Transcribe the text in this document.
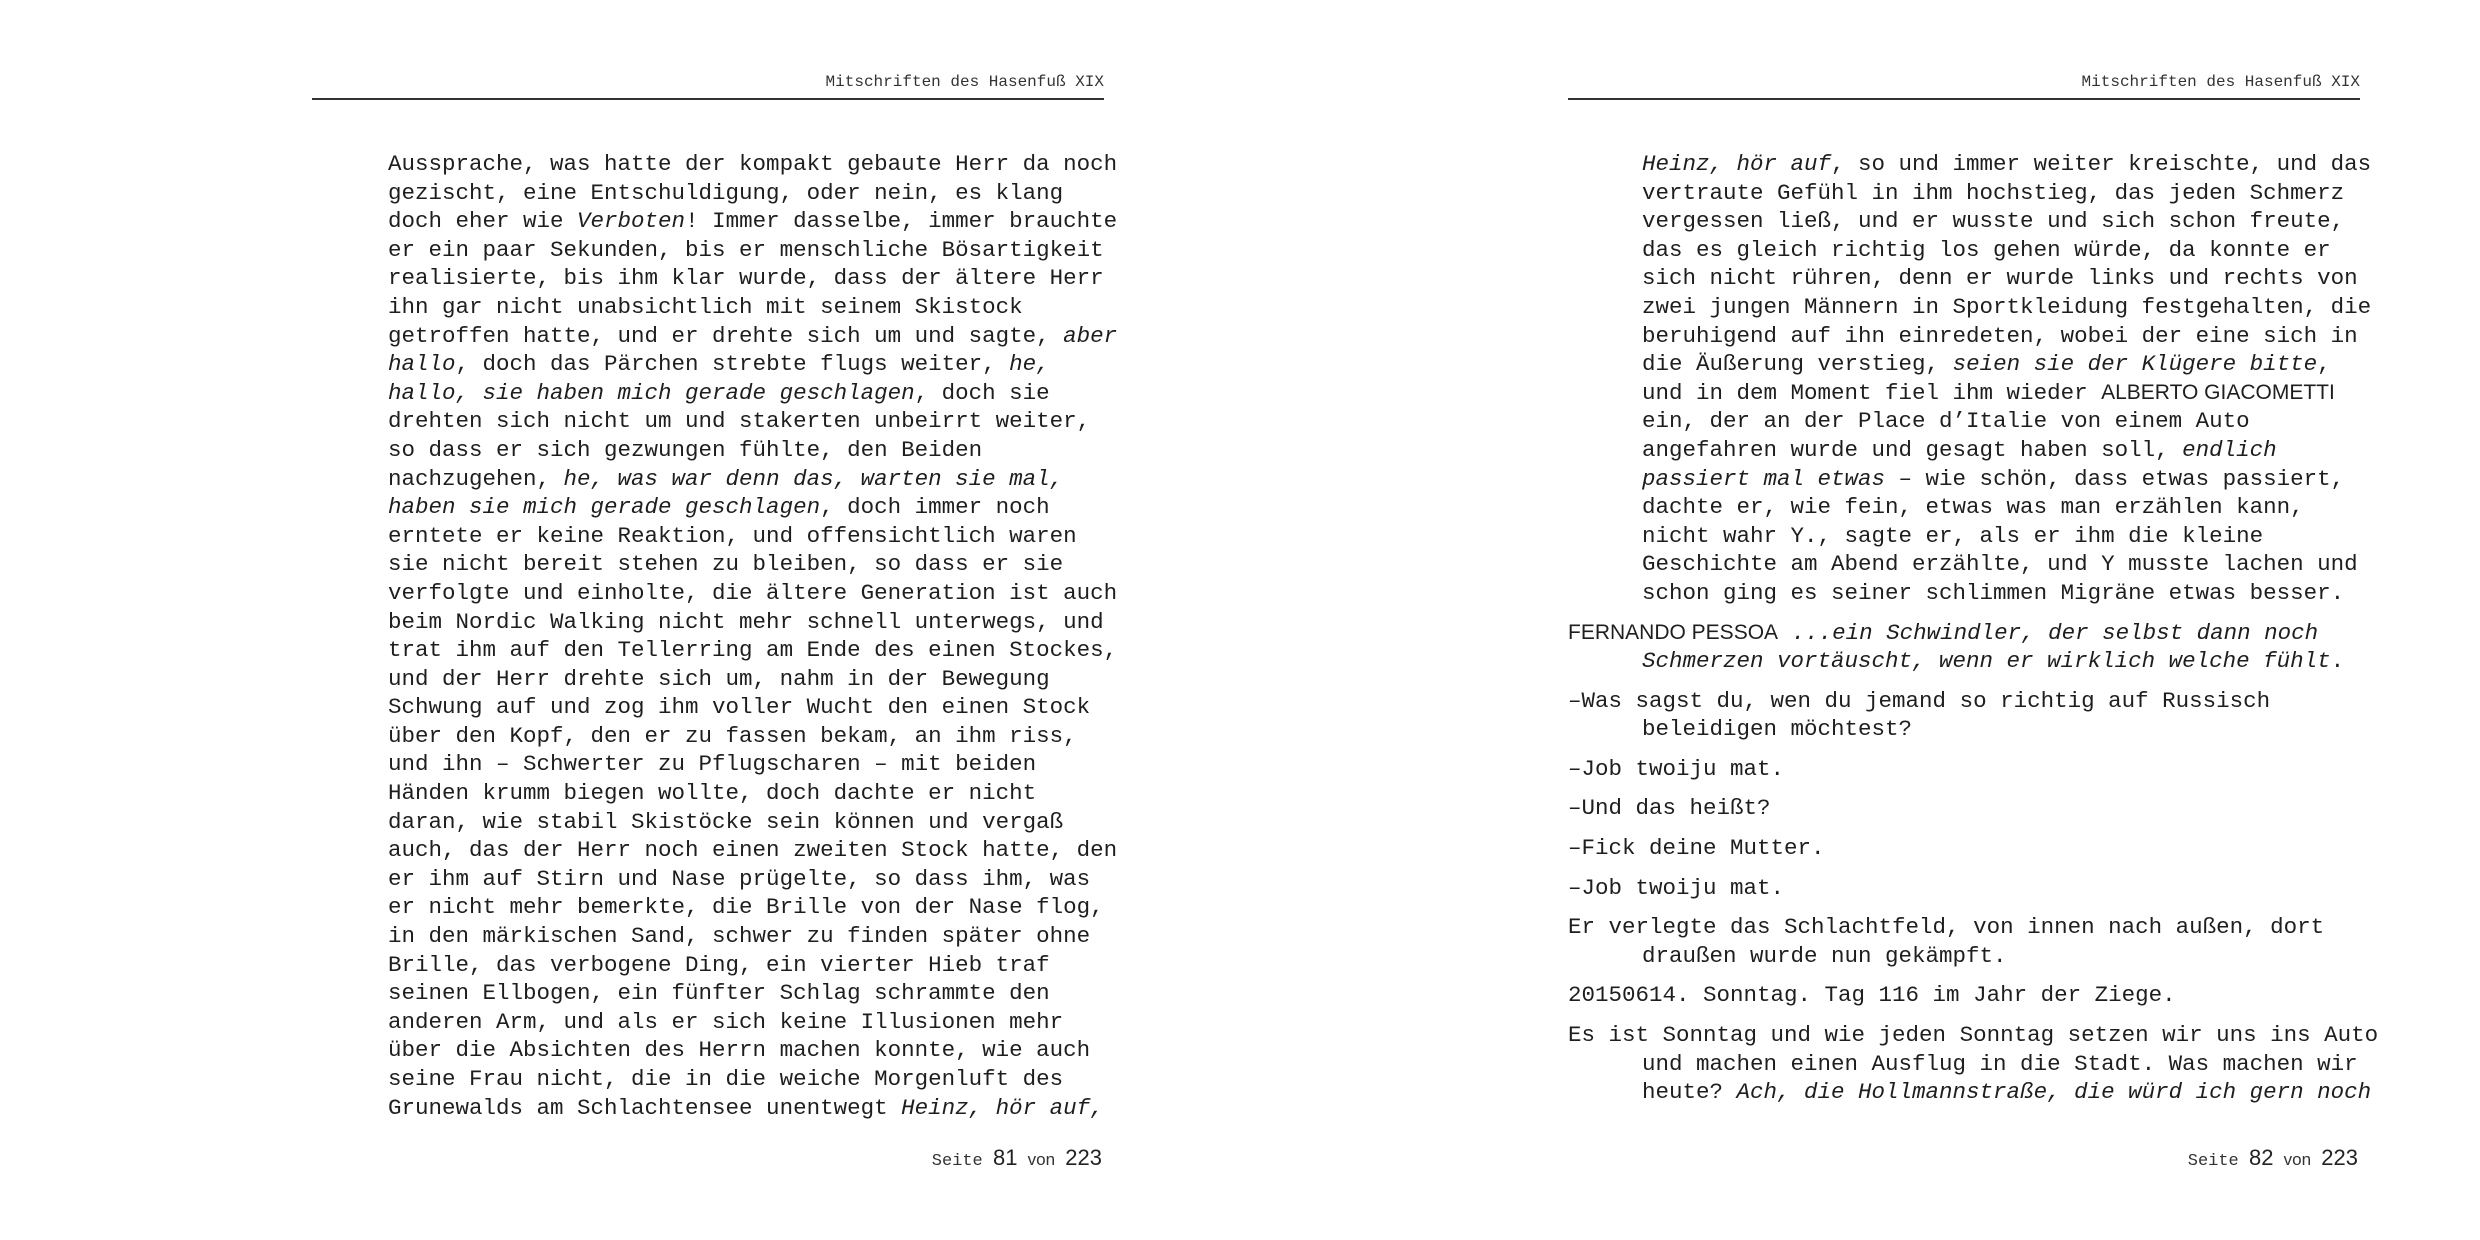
Mitschriften des Hasenfuß XIX
Aussprache, was hatte der kompakt gebaute Herr da noch
gezischt, eine Entschuldigung, oder nein, es klang
doch eher wie Verboten! Immer dasselbe, immer brauchte
er ein paar Sekunden, bis er menschliche Bösartigkeit
realisierte, bis ihm klar wurde, dass der ältere Herr
ihn gar nicht unabsichtlich mit seinem Skistock
getroffen hatte, und er drehte sich um und sagte, aber
hallo, doch das Pärchen strebte flugs weiter, he,
hallo, sie haben mich gerade geschlagen, doch sie
drehten sich nicht um und stakerten unbeirrt weiter,
so dass er sich gezwungen fühlte, den Beiden
nachzugehen, he, was war denn das, warten sie mal,
haben sie mich gerade geschlagen, doch immer noch
erntete er keine Reaktion, und offensichtlich waren
sie nicht bereit stehen zu bleiben, so dass er sie
verfolgte und einholte, die ältere Generation ist auch
beim Nordic Walking nicht mehr schnell unterwegs, und
trat ihm auf den Tellerring am Ende des einen Stockes,
und der Herr drehte sich um, nahm in der Bewegung
Schwung auf und zog ihm voller Wucht den einen Stock
über den Kopf, den er zu fassen bekam, an ihm riss,
und ihn – Schwerter zu Pflugscharen – mit beiden
Händen krumm biegen wollte, doch dachte er nicht
daran, wie stabil Skistöcke sein können und vergaß
auch, das der Herr noch einen zweiten Stock hatte, den
er ihm auf Stirn und Nase prügelte, so dass ihm, was
er nicht mehr bemerkte, die Brille von der Nase flog,
in den märkischen Sand, schwer zu finden später ohne
Brille, das verbogene Ding, ein vierter Hieb traf
seinen Ellbogen, ein fünfter Schlag schrammte den
anderen Arm, und als er sich keine Illusionen mehr
über die Absichten des Herrn machen konnte, wie auch
seine Frau nicht, die in die weiche Morgenluft des
Grunewalds am Schlachtensee unentwegt Heinz, hör auf,
Seite 81 von 223
Mitschriften des Hasenfuß XIX
Heinz, hör auf, so und immer weiter kreischte, und das
vertraute Gefühl in ihm hochstieg, das jeden Schmerz
vergessen ließ, und er wusste und sich schon freute,
das es gleich richtig los gehen würde, da konnte er
sich nicht rühren, denn er wurde links und rechts von
zwei jungen Männern in Sportkleidung festgehalten, die
beruhigend auf ihn einredeten, wobei der eine sich in
die Äußerung verstieg, seien sie der Klügere bitte,
und in dem Moment fiel ihm wieder ALBERTO GIACOMETTI
ein, der an der Place d’Italie von einem Auto
angefahren wurde und gesagt haben soll, endlich
passiert mal etwas – wie schön, dass etwas passiert,
dachte er, wie fein, etwas was man erzählen kann,
nicht wahr Y., sagte er, als er ihm die kleine
Geschichte am Abend erzählte, und Y musste lachen und
schon ging es seiner schlimmen Migräne etwas besser.
FERNANDO PESSOA ...ein Schwindler, der selbst dann noch
Schmerzen vortäuscht, wenn er wirklich welche fühlt.
–Was sagst du, wen du jemand so richtig auf Russisch
beleidigen möchtest?
–Job twoiju mat.
–Und das heißt?
–Fick deine Mutter.
–Job twoiju mat.
Er verlegte das Schlachtfeld, von innen nach außen, dort
draußen wurde nun gekämpft.
20150614. Sonntag. Tag 116 im Jahr der Ziege.
Es ist Sonntag und wie jeden Sonntag setzen wir uns ins Auto
und machen einen Ausflug in die Stadt. Was machen wir
heute? Ach, die Hollmannstraße, die würd ich gern noch
Seite 82 von 223
